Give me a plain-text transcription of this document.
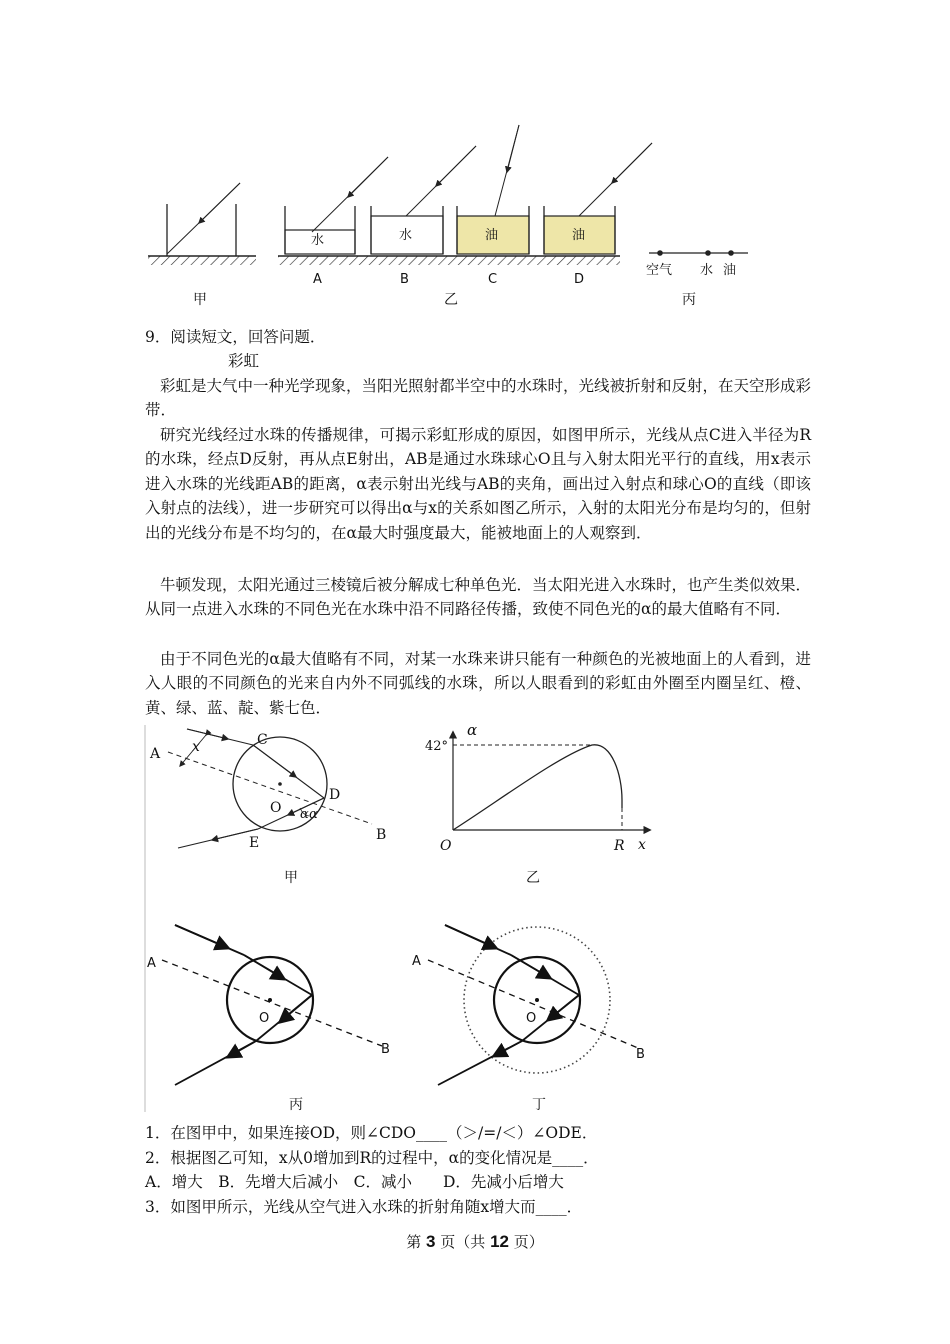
水	水	油	油
A	B	C	D
空气 水 油
甲	乙	丙
9．阅读短文，回答问题．
彩虹

彩虹是大气中一种光学现象，当阳光照射都半空中的水珠时，光线被折射和反射，在天空形成彩带．

研究光线经过水珠的传播规律，可揭示彩虹形成的原因，如图甲所示，光线从点C进入半径为R的水珠，经点D反射，再从点E射出，AB是通过水珠球心O且与入射太阳光平行的直线，用x表示进入水珠的光线距AB的距离，α表示射出光线与AB的夹角，画出过入射点和球心O的直线（即该入射点的法线），进一步研究可以得出α与x的关系如图乙所示，入射的太阳光分布是均匀的，但射出的光线分布是不均匀的，在α最大时强度最大，能被地面上的人观察到．

牛顿发现，太阳光通过三棱镜后被分解成七种单色光．当太阳光进入水珠时，也产生类似效果．从同一点进入水珠的不同色光在水珠中沿不同路径传播，致使不同色光的α的最大值略有不同．

由于不同色光的α最大值略有不同，对某一水珠来讲只能有一种颜色的光被地面上的人看到，进入人眼的不同颜色的光来自内外不同弧线的水珠，所以人眼看到的彩虹由外圈至内圈呈红、橙、黄、绿、蓝、靛、紫七色．

A
B
C
D
E
O
x
α α
甲
α
42°
O	R x
乙
A
B
O
丙
A
B
O
丁
1．在图甲中，如果连接OD，则∠CDO____（＞/=/＜）∠ODE．
2．根据图乙可知，x从0增加到R的过程中，α的变化情况是____．
A．增大　B．先增大后减小　C．减小　　D．先减小后增大
3．如图甲所示，光线从空气进入水珠的折射角随x增大而____．
第 3 页（共 12 页）
